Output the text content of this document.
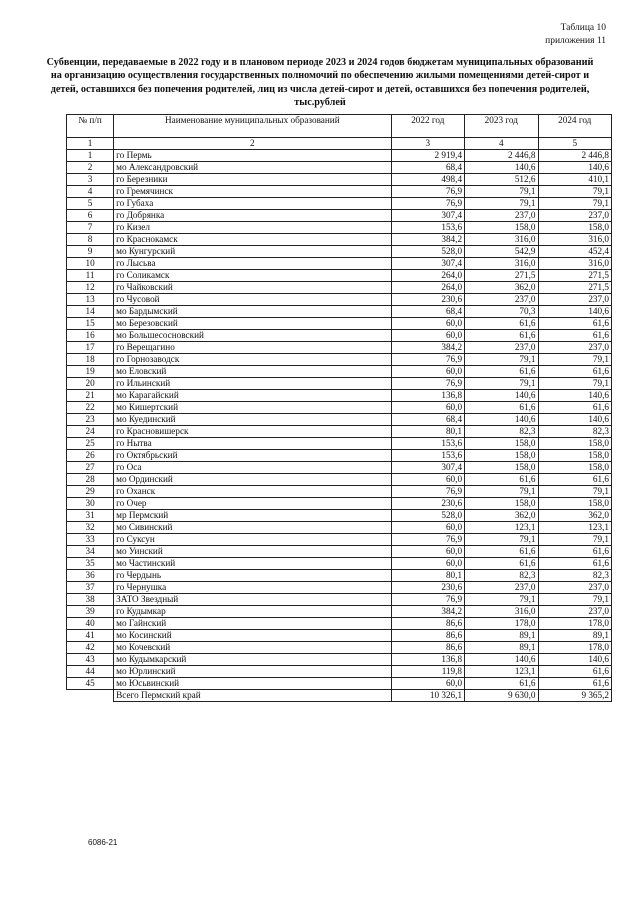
Таблица 10
приложения 11
Субвенции, передаваемые в 2022 году и в плановом периоде 2023 и 2024 годов бюджетам муниципальных образований на организацию осуществления государственных полномочий по обеспечению жилыми помещениями детей-сирот и детей, оставшихся без попечения родителей, лиц из числа детей-сирот и детей, оставшихся без попечения родителей, тыс.рублей
№ п/п	Наименование муниципальных образований	2022 год	2023 год	2024 год
1	2	3	4	5
1	го Пермь	2 919,4	2 446,8	2 446,8
2	мо Александровский	68,4	140,6	140,6
3	го Березники	498,4	512,6	410,1
4	го Гремячинск	76,9	79,1	79,1
5	го Губаха	76,9	79,1	79,1
6	го Добрянка	307,4	237,0	237,0
7	го Кизел	153,6	158,0	158,0
8	го Краснокамск	384,2	316,0	316,0
9	мо Кунгурский	528,0	542,9	452,4
10	го Лысьва	307,4	316,0	316,0
11	го Соликамск	264,0	271,5	271,5
12	го Чайковский	264,0	362,0	271,5
13	го Чусовой	230,6	237,0	237,0
14	мо Бардымский	68,4	70,3	140,6
15	мо Березовский	60,0	61,6	61,6
16	мо Большесосновский	60,0	61,6	61,6
17	го Верещагино	384,2	237,0	237,0
18	го Горнозаводск	76,9	79,1	79,1
19	мо Еловский	60,0	61,6	61,6
20	го Ильинский	76,9	79,1	79,1
21	мо Карагайский	136,8	140,6	140,6
22	мо Кишертский	60,0	61,6	61,6
23	мо Куединский	68,4	140,6	140,6
24	го Красновишерск	80,1	82,3	82,3
25	го Нытва	153,6	158,0	158,0
26	го Октябрьский	153,6	158,0	158,0
27	го Оса	307,4	158,0	158,0
28	мо Ординский	60,0	61,6	61,6
29	го Оханск	76,9	79,1	79,1
30	го Очер	230,6	158,0	158,0
31	мр Пермский	528,0	362,0	362,0
32	мо Сивинский	60,0	123,1	123,1
33	го Суксун	76,9	79,1	79,1
34	мо Уинский	60,0	61,6	61,6
35	мо Частинский	60,0	61,6	61,6
36	го Чердынь	80,1	82,3	82,3
37	го Чернушка	230,6	237,0	237,0
38	ЗАТО Звездный	76,9	79,1	79,1
39	го Кудымкар	384,2	316,0	237,0
40	мо Гайнский	86,6	178,0	178,0
41	мо Косинский	86,6	89,1	89,1
42	мо Кочевский	86,6	89,1	178,0
43	мо Кудымкарский	136,8	140,6	140,6
44	мо Юрлинский	119,8	123,1	61,6
45	мо Юсьвинский	60,0	61,6	61,6
	Всего Пермский край	10 326,1	9 630,0	9 365,2
6086-21
